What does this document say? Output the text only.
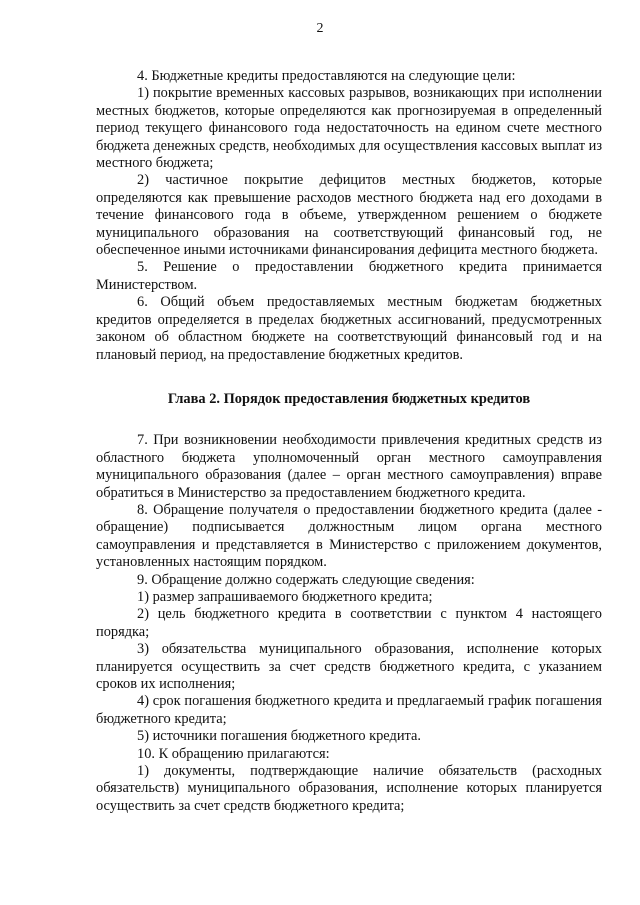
2

4. Бюджетные кредиты предоставляются на следующие цели:

1) покрытие временных кассовых разрывов, возникающих при исполнении местных бюджетов, которые определяются как прогнозируемая в определенный период текущего финансового года недостаточность на едином счете местного бюджета денежных средств, необходимых для осуществления кассовых выплат из местного бюджета;

2) частичное покрытие дефицитов местных бюджетов, которые определяются как превышение расходов местного бюджета над его доходами в течение финансового года в объеме, утвержденном решением о бюджете муниципального образования на соответствующий финансовый год, не обеспеченное иными источниками финансирования дефицита местного бюджета.

5. Решение о предоставлении бюджетного кредита принимается Министерством.

6. Общий объем предоставляемых местным бюджетам бюджетных кредитов определяется в пределах бюджетных ассигнований, предусмотренных законом об областном бюджете на соответствующий финансовый год и на плановый период, на предоставление бюджетных кредитов.

Глава 2. Порядок предоставления бюджетных кредитов

7. При возникновении необходимости привлечения кредитных средств из областного бюджета уполномоченный орган местного самоуправления муниципального образования (далее – орган местного самоуправления) вправе обратиться в Министерство за предоставлением бюджетного кредита.

8. Обращение получателя о предоставлении бюджетного кредита (далее - обращение) подписывается должностным лицом органа местного самоуправления и представляется в Министерство с приложением документов, установленных настоящим порядком.

9. Обращение должно содержать следующие сведения:

1) размер запрашиваемого бюджетного кредита;

2) цель бюджетного кредита в соответствии с пунктом 4 настоящего порядка;

3) обязательства муниципального образования, исполнение которых планируется осуществить за счет средств бюджетного кредита, с указанием сроков их исполнения;

4) срок погашения бюджетного кредита и предлагаемый график погашения бюджетного кредита;

5) источники погашения бюджетного кредита.

10. К обращению прилагаются:

1) документы, подтверждающие наличие обязательств (расходных обязательств) муниципального образования, исполнение которых планируется осуществить за счет средств бюджетного кредита;
